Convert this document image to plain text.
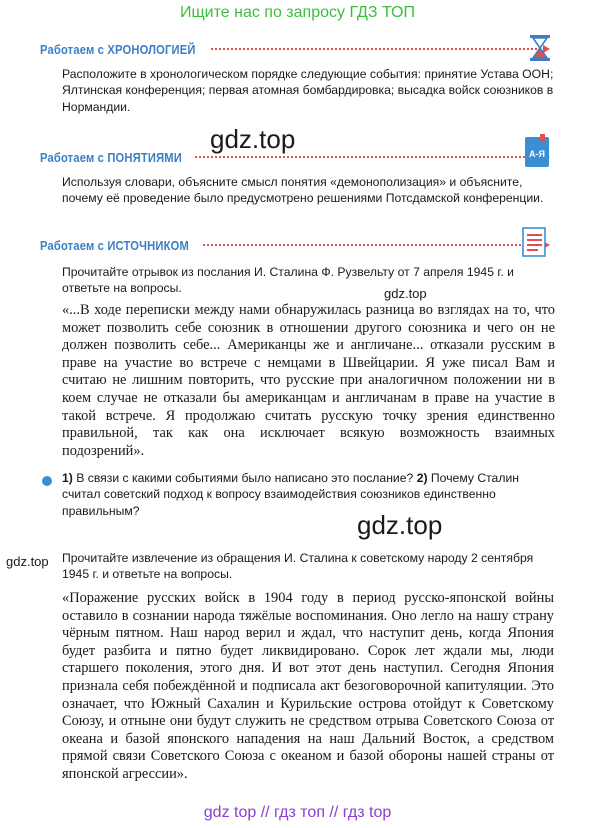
Ищите нас по запросу ГДЗ ТОП
Работаем с ХРОНОЛОГИЕЙ
Расположите в хронологическом порядке следующие события: принятие Устава ООН; Ялтинская конференция; первая атомная бомбардировка; высадка войск союзников в Нормандии.
Работаем с ПОНЯТИЯМИ	А-Я
Используя словари, объясните смысл понятия «демонополизация» и объясните, почему её проведение было предусмотрено решениями Потсдамской конференции.
Работаем с ИСТОЧНИКОМ
Прочитайте отрывок из послания И. Сталина Ф. Рузвельту от 7 апреля 1945 г. и ответьте на вопросы.
«...В ходе переписки между нами обнаружилась разница во взглядах на то, что может позволить себе союзник в отношении другого союзника и чего он не должен позволить себе... Американцы же и англичане... отказали русским в праве на участие во встрече с немцами в Швейцарии. Я уже писал Вам и считаю не лишним повторить, что русские при аналогичном положении ни в коем случае не отказали бы американцам и англичанам в праве на участие в такой встрече. Я продолжаю считать русскую точку зрения единственно правильной, так как она исключает всякую возможность взаимных подозрений».
1) В связи с какими событиями было написано это послание? 2) Почему Сталин считал советский подход к вопросу взаимодействия союзников единственно правильным?
Прочитайте извлечение из обращения И. Сталина к советскому народу 2 сентября 1945 г. и ответьте на вопросы.
«Поражение русских войск в 1904 году в период русско-японской войны оставило в сознании народа тяжёлые воспоминания. Оно легло на нашу страну чёрным пятном. Наш народ верил и ждал, что наступит день, когда Япония будет разбита и пятно будет ликвидировано. Сорок лет ждали мы, люди старшего поколения, этого дня. И вот этот день наступил. Сегодня Япония признала себя побеждённой и подписала акт безоговорочной капитуляции. Это означает, что Южный Сахалин и Курильские острова отойдут к Советскому Союзу, и отныне они будут служить не средством отрыва Советского Союза от океана и базой японского нападения на наш Дальний Восток, а средством прямой связи Советского Союза с океаном и базой обороны нашей страны от японской агрессии».
gdz.top
gdz.top
gdz.top
gdz.top
gdz top // гдз топ // гдз top
